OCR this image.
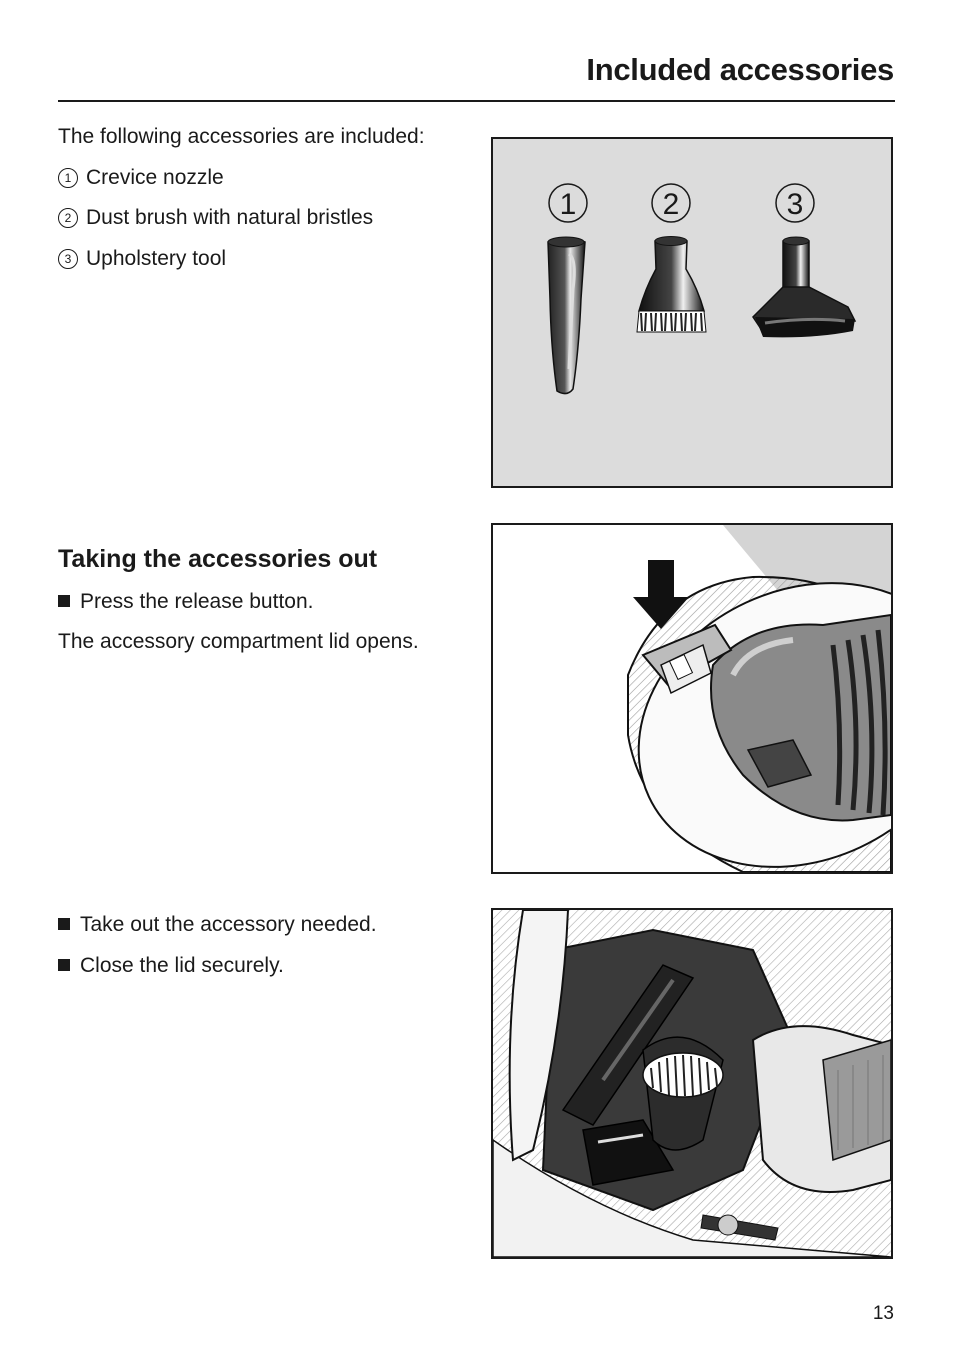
Included accessories
The following accessories are included:
1 Crevice nozzle
2 Dust brush with natural bristles
3 Upholstery tool
1	2	3
Taking the accessories out
Press the release button.
The accessory compartment lid opens.
Take out the accessory needed.
Close the lid securely.
13
